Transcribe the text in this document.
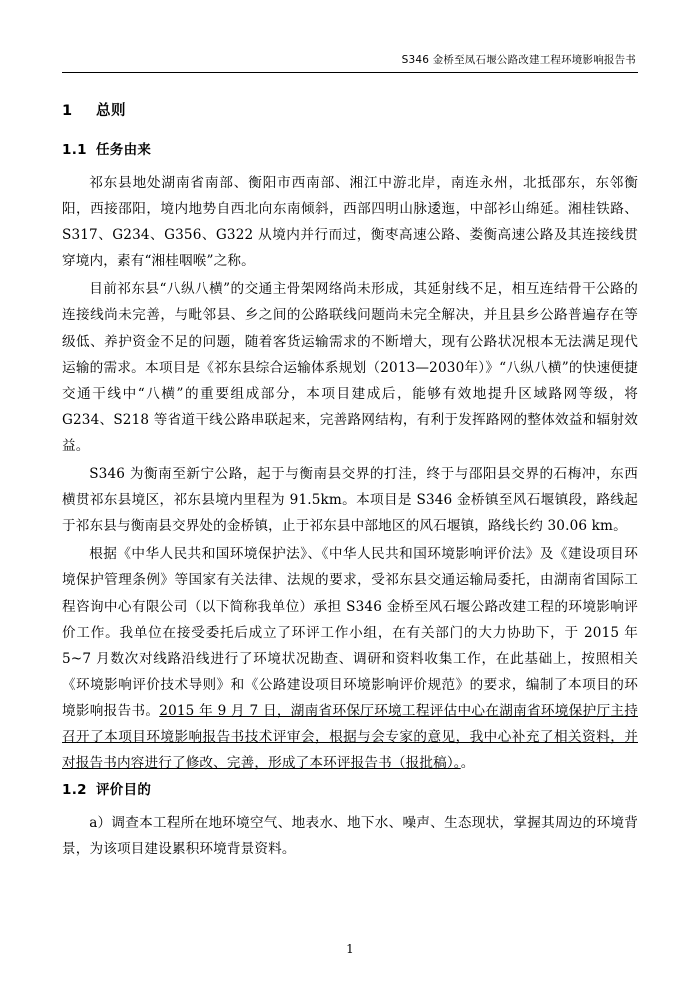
S346 金桥至凤石堰公路改建工程环境影响报告书
1 总则
1.1 任务由来

祁东县地处湖南省南部、衡阳市西南部、湘江中游北岸，南连永州，北抵邵东，东邻衡阳，西接邵阳，境内地势自西北向东南倾斜，西部四明山脉逶迤，中部衫山绵延。湘桂铁路、S317、G234、G356、G322 从境内并行而过，衡枣高速公路、娄衡高速公路及其连接线贯穿境内，素有“湘桂咽喉”之称。

目前祁东县“八纵八横”的交通主骨架网络尚未形成，其延射线不足，相互连结骨干公路的连接线尚未完善，与毗邻县、乡之间的公路联线问题尚未完全解决，并且县乡公路普遍存在等级低、养护资金不足的问题，随着客货运输需求的不断增大，现有公路状况根本无法满足现代运输的需求。本项目是《祁东县综合运输体系规划（2013—2030年）》“八纵八横”的快速便捷交通干线中“八横”的重要组成部分，本项目建成后，能够有效地提升区域路网等级，将 G234、S218 等省道干线公路串联起来，完善路网结构，有利于发挥路网的整体效益和辐射效益。

S346 为衡南至新宁公路，起于与衡南县交界的打洼，终于与邵阳县交界的石梅冲，东西横贯祁东县境区，祁东县境内里程为 91.5km。本项目是 S346 金桥镇至风石堰镇段，路线起于祁东县与衡南县交界处的金桥镇，止于祁东县中部地区的风石堰镇，路线长约 30.06 km。

根据《中华人民共和国环境保护法》、《中华人民共和国环境影响评价法》及《建设项目环境保护管理条例》等国家有关法律、法规的要求，受祁东县交通运输局委托，由湖南省国际工程咨询中心有限公司（以下简称我单位）承担 S346 金桥至风石堰公路改建工程的环境影响评价工作。我单位在接受委托后成立了环评工作小组，在有关部门的大力协助下，于 2015 年 5~7 月数次对线路沿线进行了环境状况勘查、调研和资料收集工作，在此基础上，按照相关《环境影响评价技术导则》和《公路建设项目环境影响评价规范》的要求，编制了本项目的环境影响报告书。2015 年 9 月 7 日，湖南省环保厅环境工程评估中心在湖南省环境保护厅主持召开了本项目环境影响报告书技术评审会，根据与会专家的意见，我中心补充了相关资料，并对报告书内容进行了修改、完善，形成了本环评报告书（报批稿）。。

1.2 评价目的

a）调查本工程所在地环境空气、地表水、地下水、噪声、生态现状，掌握其周边的环境背景，为该项目建设累积环境背景资料。

1
